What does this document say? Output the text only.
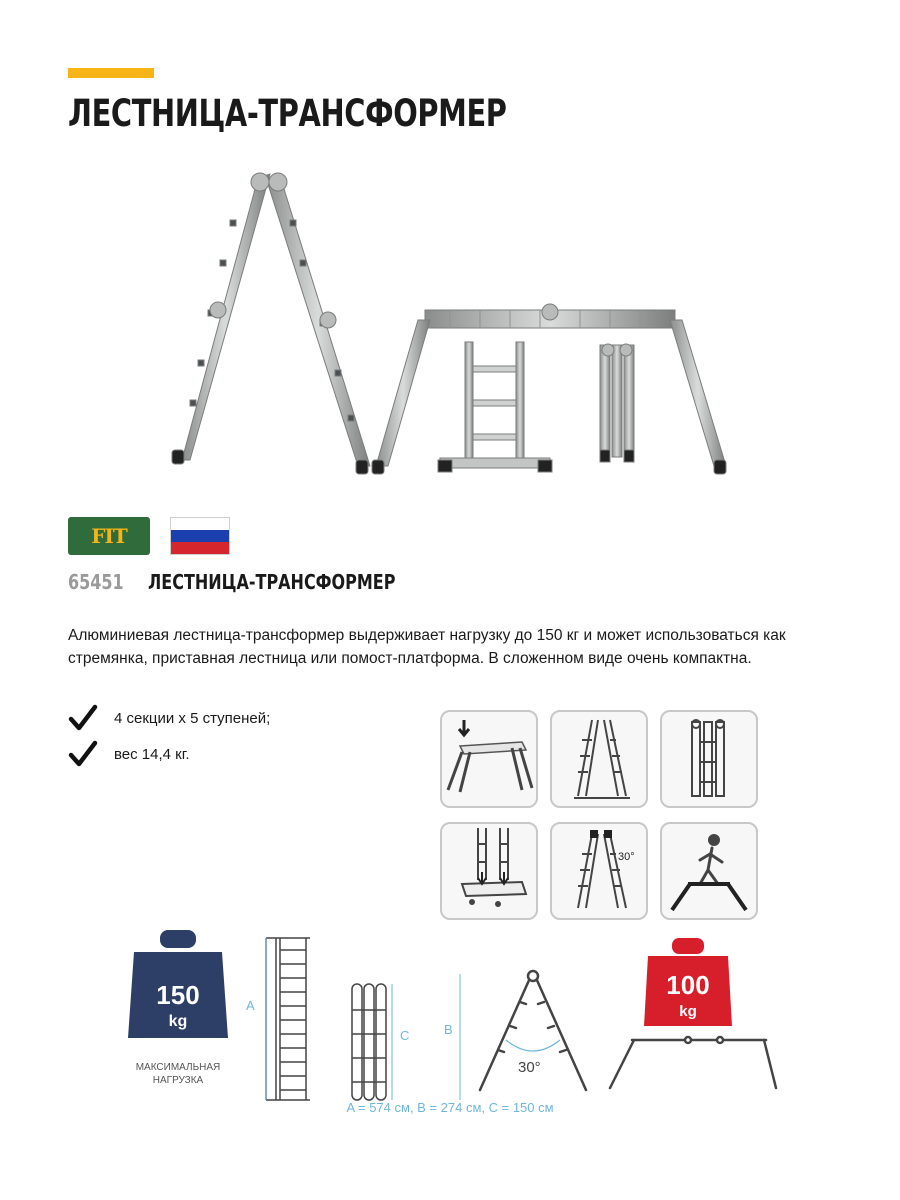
ЛЕСТНИЦА-ТРАНСФОРМЕР
FIT
65451 ЛЕСТНИЦА-ТРАНСФОРМЕР

Алюминиевая лестница-трансформер выдерживает нагрузку до 150 кг и может использоваться как стремянка, приставная лестница или помост-платформа. В сложенном виде очень компактна.

4 секции х 5 ступеней;
вес 14,4 кг.
30°
150
kg
МАКСИМАЛЬНАЯ
НАГРУЗКА
A
C	B
30°
100
kg
A = 574 см, B = 274 см, C = 150 см
